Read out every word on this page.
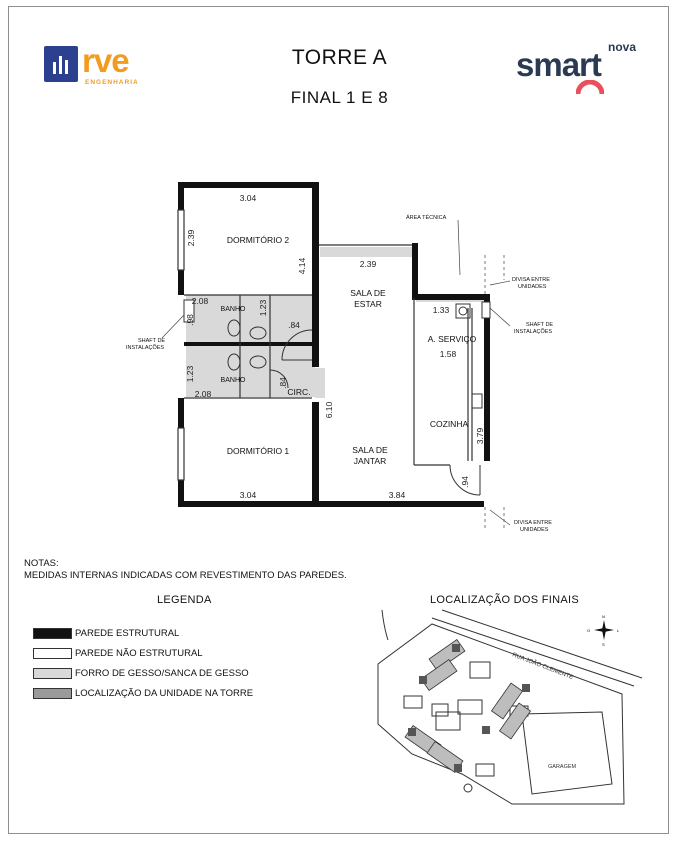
rve
ENGENHARIA
TORRE A
FINAL 1 E 8
nova
smart
DORMITÓRIO 2
DORMITÓRIO 1
BANHO
BANHO
CIRC.
SALA DE
ESTAR
SALA DE
JANTAR
A. SERVIÇO
COZINHA
3.04
2.39
4.14	2.39
2.08	1.23
.98	.84
1.23
2.08
.84
6.10
1.33
1.58
3.79
.94
3.04	3.84
ÁREA TÉCNICA
DIVISA ENTRE
UNIDADES
SHAFT DE
INSTALAÇÕES
SHAFT DE
INSTALAÇÕES
DIVISA ENTRE
UNIDADES
NOTAS:
MEDIDAS INTERNAS INDICADAS COM REVESTIMENTO DAS PAREDES.
LEGENDA
PAREDE ESTRUTURAL
PAREDE NÃO ESTRUTURAL
FORRO DE GESSO/SANCA DE GESSO
LOCALIZAÇÃO DA UNIDADE NA TORRE
LOCALIZAÇÃO DOS FINAIS
RUA JOÃO CLEMENTE
GARAGEM
N
S
L
O
